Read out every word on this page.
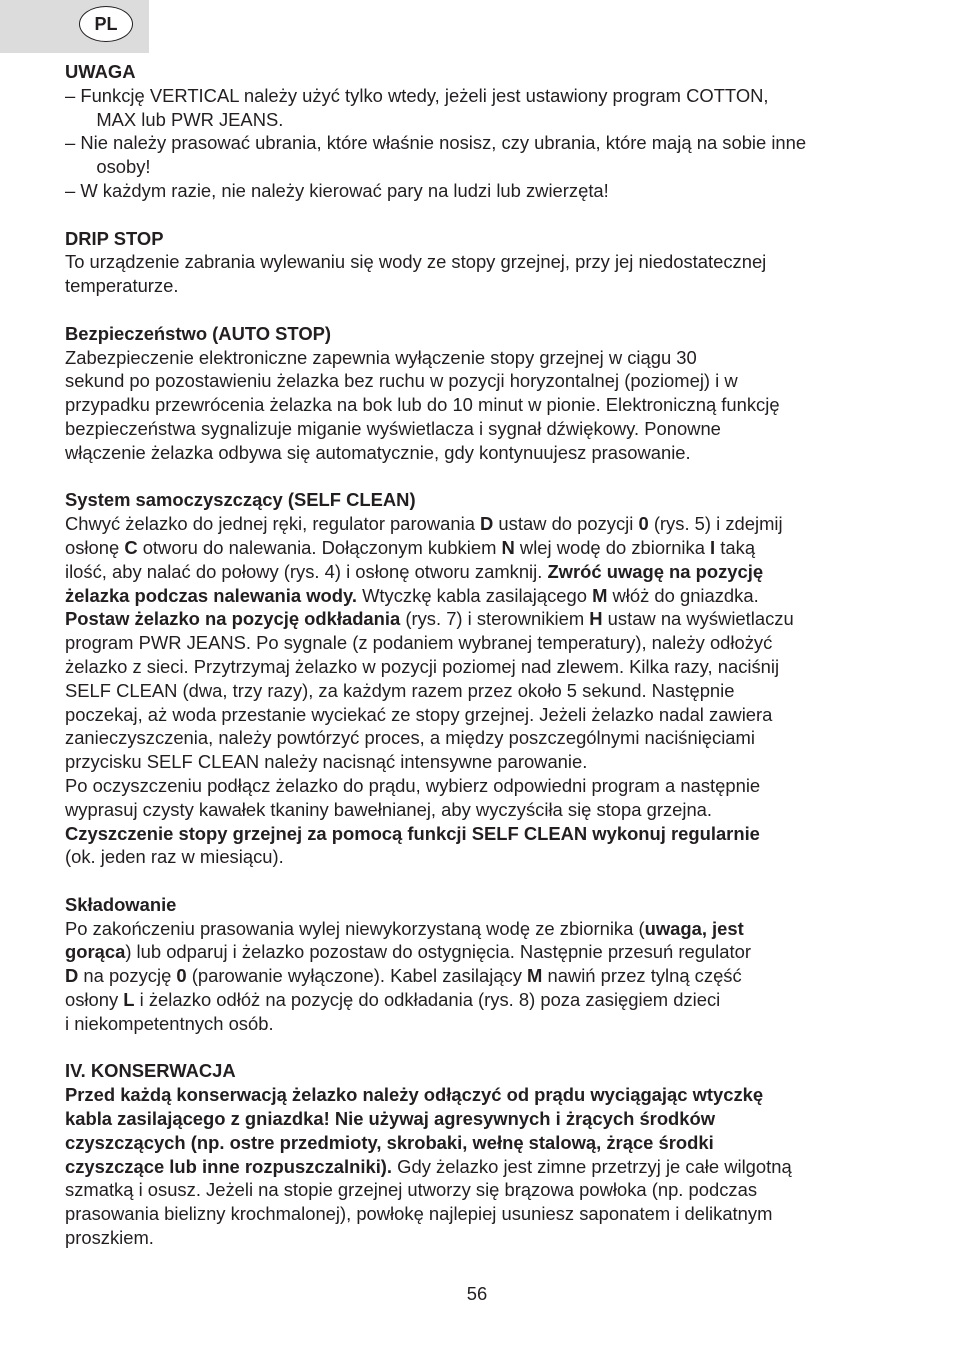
PL

UWAGA

– Funkcję VERTICAL należy użyć tylko wtedy, jeżeli jest ustawiony program COTTON,
MAX lub PWR JEANS.

– Nie należy prasować ubrania, które właśnie nosisz, czy ubrania, które mają na sobie inne
osoby!

– W każdym razie, nie należy kierować pary na ludzi lub zwierzęta!

DRIP STOP

To urządzenie zabrania wylewaniu się wody ze stopy grzejnej, przy jej niedostatecznej
temperaturze.

Bezpieczeństwo (AUTO STOP)

Zabezpieczenie elektroniczne zapewnia wyłączenie stopy grzejnej w ciągu 30
sekund po pozostawieniu żelazka bez ruchu w pozycji horyzontalnej (poziomej) i w
przypadku przewrócenia żelazka na bok lub do 10 minut w pionie. Elektroniczną funkcję
bezpieczeństwa sygnalizuje miganie wyświetlacza i sygnał dźwiękowy. Ponowne
włączenie żelazka odbywa się automatycznie, gdy kontynuujesz prasowanie.

System samoczyszczący (SELF CLEAN)

Chwyć żelazko do jednej ręki, regulator parowania D ustaw do pozycji 0 (rys. 5) i zdejmij
osłonę C otworu do nalewania. Dołączonym kubkiem N wlej wodę do zbiornika I taką
ilość, aby nalać do połowy (rys. 4) i osłonę otworu zamknij. Zwróć uwagę na pozycję
żelazka podczas nalewania wody. Wtyczkę kabla zasilającego M włóż do gniazdka.
Postaw żelazko na pozycję odkładania (rys. 7) i sterownikiem H ustaw na wyświetlaczu
program PWR JEANS. Po sygnale (z podaniem wybranej temperatury), należy odłożyć
żelazko z sieci. Przytrzymaj żelazko w pozycji poziomej nad zlewem. Kilka razy, naciśnij
SELF CLEAN (dwa, trzy razy), za każdym razem przez około 5 sekund. Następnie
poczekaj, aż woda przestanie wyciekać ze stopy grzejnej. Jeżeli żelazko nadal zawiera
zanieczyszczenia, należy powtórzyć proces, a między poszczególnymi naciśnięciami
przycisku SELF CLEAN należy nacisnąć intensywne parowanie.
Po oczyszczeniu podłącz żelazko do prądu, wybierz odpowiedni program a następnie
wyprasuj czysty kawałek tkaniny bawełnianej, aby wyczyściła się stopa grzejna.
Czyszczenie stopy grzejnej za pomocą funkcji SELF CLEAN wykonuj regularnie
(ok. jeden raz w miesiącu).

Składowanie

Po zakończeniu prasowania wylej niewykorzystaną wodę ze zbiornika (uwaga, jest
gorąca) lub odparuj i żelazko pozostaw do ostygnięcia. Następnie przesuń regulator
D na pozycję 0 (parowanie wyłączone). Kabel zasilający M nawiń przez tylną część
osłony L i żelazko odłóż na pozycję do odkładania (rys. 8) poza zasięgiem dzieci
i niekompetentnych osób.

IV. KONSERWACJA

Przed każdą konserwacją żelazko należy odłączyć od prądu wyciągając wtyczkę
kabla zasilającego z gniazdka! Nie używaj agresywnych i żrących środków
czyszczących (np. ostre przedmioty, skrobaki, wełnę stalową, żrące środki
czyszczące lub inne rozpuszczalniki). Gdy żelazko jest zimne przetrzyj je całe wilgotną
szmatką i osusz. Jeżeli na stopie grzejnej utworzy się brązowa powłoka (np. podczas
prasowania bielizny krochmalonej), powłokę najlepiej usuniesz saponatem i delikatnym
proszkiem.

56
